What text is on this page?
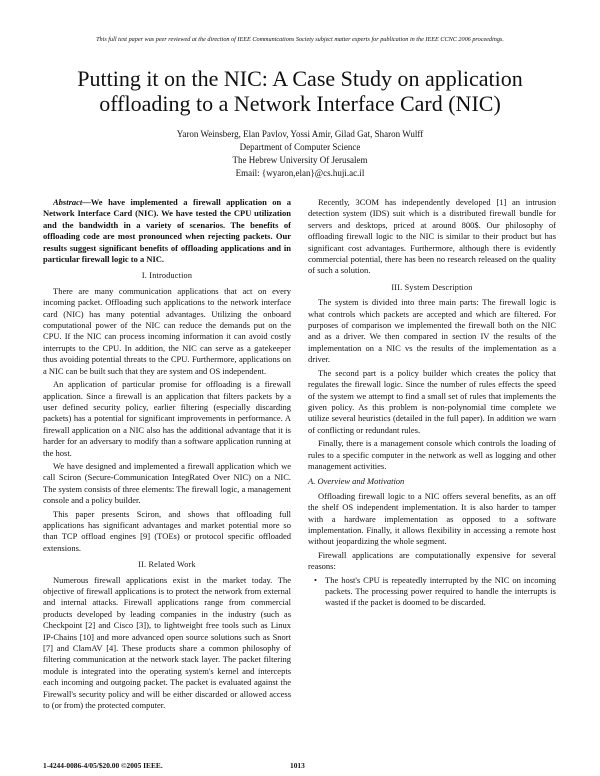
This full text paper was peer reviewed at the direction of IEEE Communications Society subject matter experts for publication in the IEEE CCNC 2006 proceedings.
Putting it on the NIC: A Case Study on application offloading to a Network Interface Card (NIC)
Yaron Weinsberg, Elan Pavlov, Yossi Amir, Gilad Gat, Sharon Wulff
Department of Computer Science
The Hebrew University Of Jerusalem
Email: {wyaron,elan}@cs.huji.ac.il

Abstract—We have implemented a firewall application on a Network Interface Card (NIC). We have tested the CPU utilization and the bandwidth in a variety of scenarios. The benefits of offloading code are most pronounced when rejecting packets. Our results suggest significant benefits of offloading applications and in particular firewall logic to a NIC.

I. Introduction

There are many communication applications that act on every incoming packet. Offloading such applications to the network interface card (NIC) has many potential advantages. Utilizing the onboard computational power of the NIC can reduce the demands put on the CPU. If the NIC can process incoming information it can avoid costly interrupts to the CPU. In addition, the NIC can serve as a gatekeeper thus avoiding potential threats to the CPU. Furthermore, applications on a NIC can be built such that they are system and OS independent.

An application of particular promise for offloading is a firewall application. Since a firewall is an application that filters packets by a user defined security policy, earlier filtering (especially discarding packets) has a potential for significant improvements in performance. A firewall application on a NIC also has the additional advantage that it is harder for an adversary to modify than a software application running at the host.

We have designed and implemented a firewall application which we call Sciron (Secure-Communication IntegRated Over NIC) on a NIC. The system consists of three elements: The firewall logic, a management console and a policy builder.

This paper presents Sciron, and shows that offloading full applications has significant advantages and market potential more so than TCP offload engines [9] (TOEs) or protocol specific offloaded extensions.

II. Related Work

Numerous firewall applications exist in the market today. The objective of firewall applications is to protect the network from external and internal attacks. Firewall applications range from commercial products developed by leading companies in the industry (such as Checkpoint [2] and Cisco [3]), to lightweight free tools such as Linux IP-Chains [10] and more advanced open source solutions such as Snort [7] and ClamAV [4]. These products share a common philosophy of filtering communication at the network stack layer. The packet filtering module is integrated into the operating system's kernel and intercepts each incoming and outgoing packet. The packet is evaluated against the Firewall's security policy and will be either discarded or allowed access to (or from) the protected computer.

Recently, 3COM has independently developed [1] an intrusion detection system (IDS) suit which is a distributed firewall bundle for servers and desktops, priced at around 800$. Our philosophy of offloading firewall logic to the NIC is similar to their product but has significant cost advantages. Furthermore, although there is evidently commercial potential, there has been no research released on the quality of such a solution.

III. System Description

The system is divided into three main parts: The firewall logic is what controls which packets are accepted and which are filtered. For purposes of comparison we implemented the firewall both on the NIC and as a driver. We then compared in section IV the results of the implementation on a NIC vs the results of the implementation as a driver.

The second part is a policy builder which creates the policy that regulates the firewall logic. Since the number of rules effects the speed of the system we attempt to find a small set of rules that implements the given policy. As this problem is non-polynomial time complete we utilize several heuristics (detailed in the full paper). In addition we warn of conflicting or redundant rules.

Finally, there is a management console which controls the loading of rules to a specific computer in the network as well as logging and other management activities.

A. Overview and Motivation

Offloading firewall logic to a NIC offers several benefits, as an off the shelf OS independent implementation. It is also harder to tamper with a hardware implementation as opposed to a software implementation. Finally, it allows flexibility in accessing a remote host without jeopardizing the whole segment.

Firewall applications are computationally expensive for several reasons:

• The host's CPU is repeatedly interrupted by the NIC on incoming packets. The processing power required to handle the interrupts is wasted if the packet is doomed to be discarded.
1-4244-0086-4/05/$20.00 ©2005 IEEE.	1013
